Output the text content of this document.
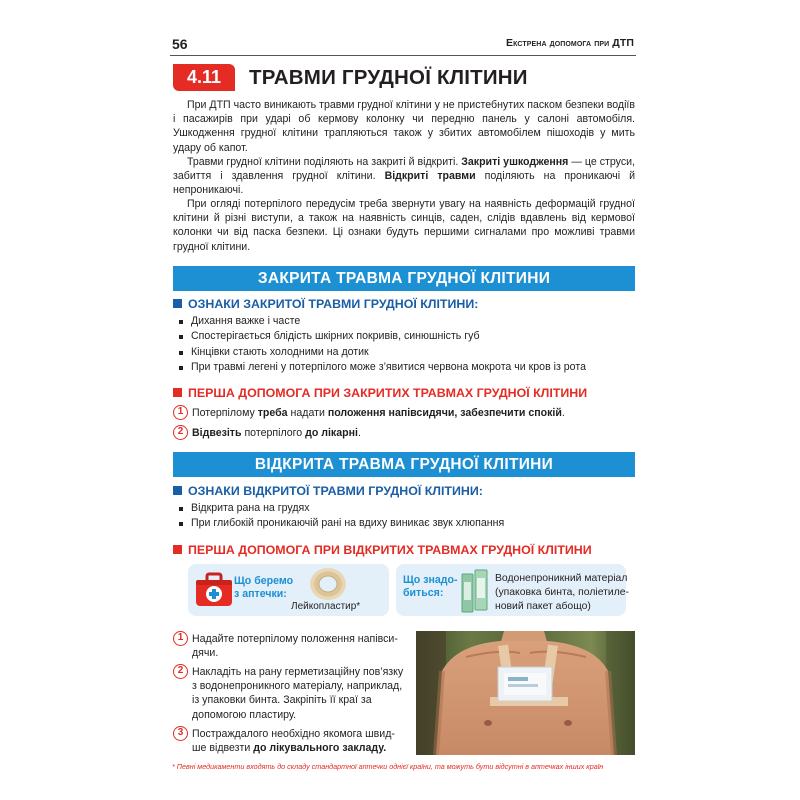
56	Екстрена допомога при ДТП
4.11	ТРАВМИ ГРУДНОЇ КЛІТИНИ
При ДТП часто виникають травми грудної клітини у не пристебнутих паском безпеки водіїв і пасажирів при ударі об кермову колонку чи передню панель у салоні автомобіля. Ушкодження грудної клітини трапляються також у збитих автомобілем пішоходів у мить удару об капот.
Травми грудної клітини поділяють на закриті й відкриті. Закриті ушкодження — це струси, забиття і здавлення грудної клітини. Відкриті травми поділяють на проникаючі й непроникаючі.
При огляді потерпілого передусім треба звернути увагу на наявність деформацій грудної клітини й різні виступи, а також на наявність синців, саден, слідів вдавлень від кермової колонки чи від паска безпеки. Ці ознаки будуть першими сигналами про можливі травми грудної клітини.
ЗАКРИТА ТРАВМА ГРУДНОЇ КЛІТИНИ
ОЗНАКИ ЗАКРИТОЇ ТРАВМИ ГРУДНОЇ КЛІТИНИ:
Дихання важке і часте
Спостерігається блідість шкірних покривів, синюшність губ
Кінцівки стають холодними на дотик
При травмі легені у потерпілого може з’явитися червона мокрота чи кров із рота
ПЕРША ДОПОМОГА ПРИ ЗАКРИТИХ ТРАВМАХ ГРУДНОЇ КЛІТИНИ
1 Потерпілому треба надати положення напівсидячи, забезпечити спокій.
2 Відвезіть потерпілого до лікарні.
ВІДКРИТА ТРАВМА ГРУДНОЇ КЛІТИНИ
ОЗНАКИ ВІДКРИТОЇ ТРАВМИ ГРУДНОЇ КЛІТИНИ:
Відкрита рана на грудях
При глибокій проникаючій рані на вдиху виникає звук хлюпання
ПЕРША ДОПОМОГА ПРИ ВІДКРИТИХ ТРАВМАХ ГРУДНОЇ КЛІТИНИ
Що беремо
з аптечки:
Лейкопластир*
Що знадо-
биться:
Водонепроникний матеріал
(упаковка бинта, поліетиле-
новий пакет абощо)
1 Надайте потерпілому положення напівси-
дячи.
2 Накладіть на рану герметизаційну пов’язку
з водонепроникного матеріалу, наприклад,
із упаковки бинта. Закріпіть її краї за
допомогою пластиру.
3 Постраждалого необхідно якомога швид-
ше відвезти до лікувального закладу.
* Певні медикаменти входять до складу стандартної аптечки однієї країни, та можуть бути відсутні в аптечках інших країн
